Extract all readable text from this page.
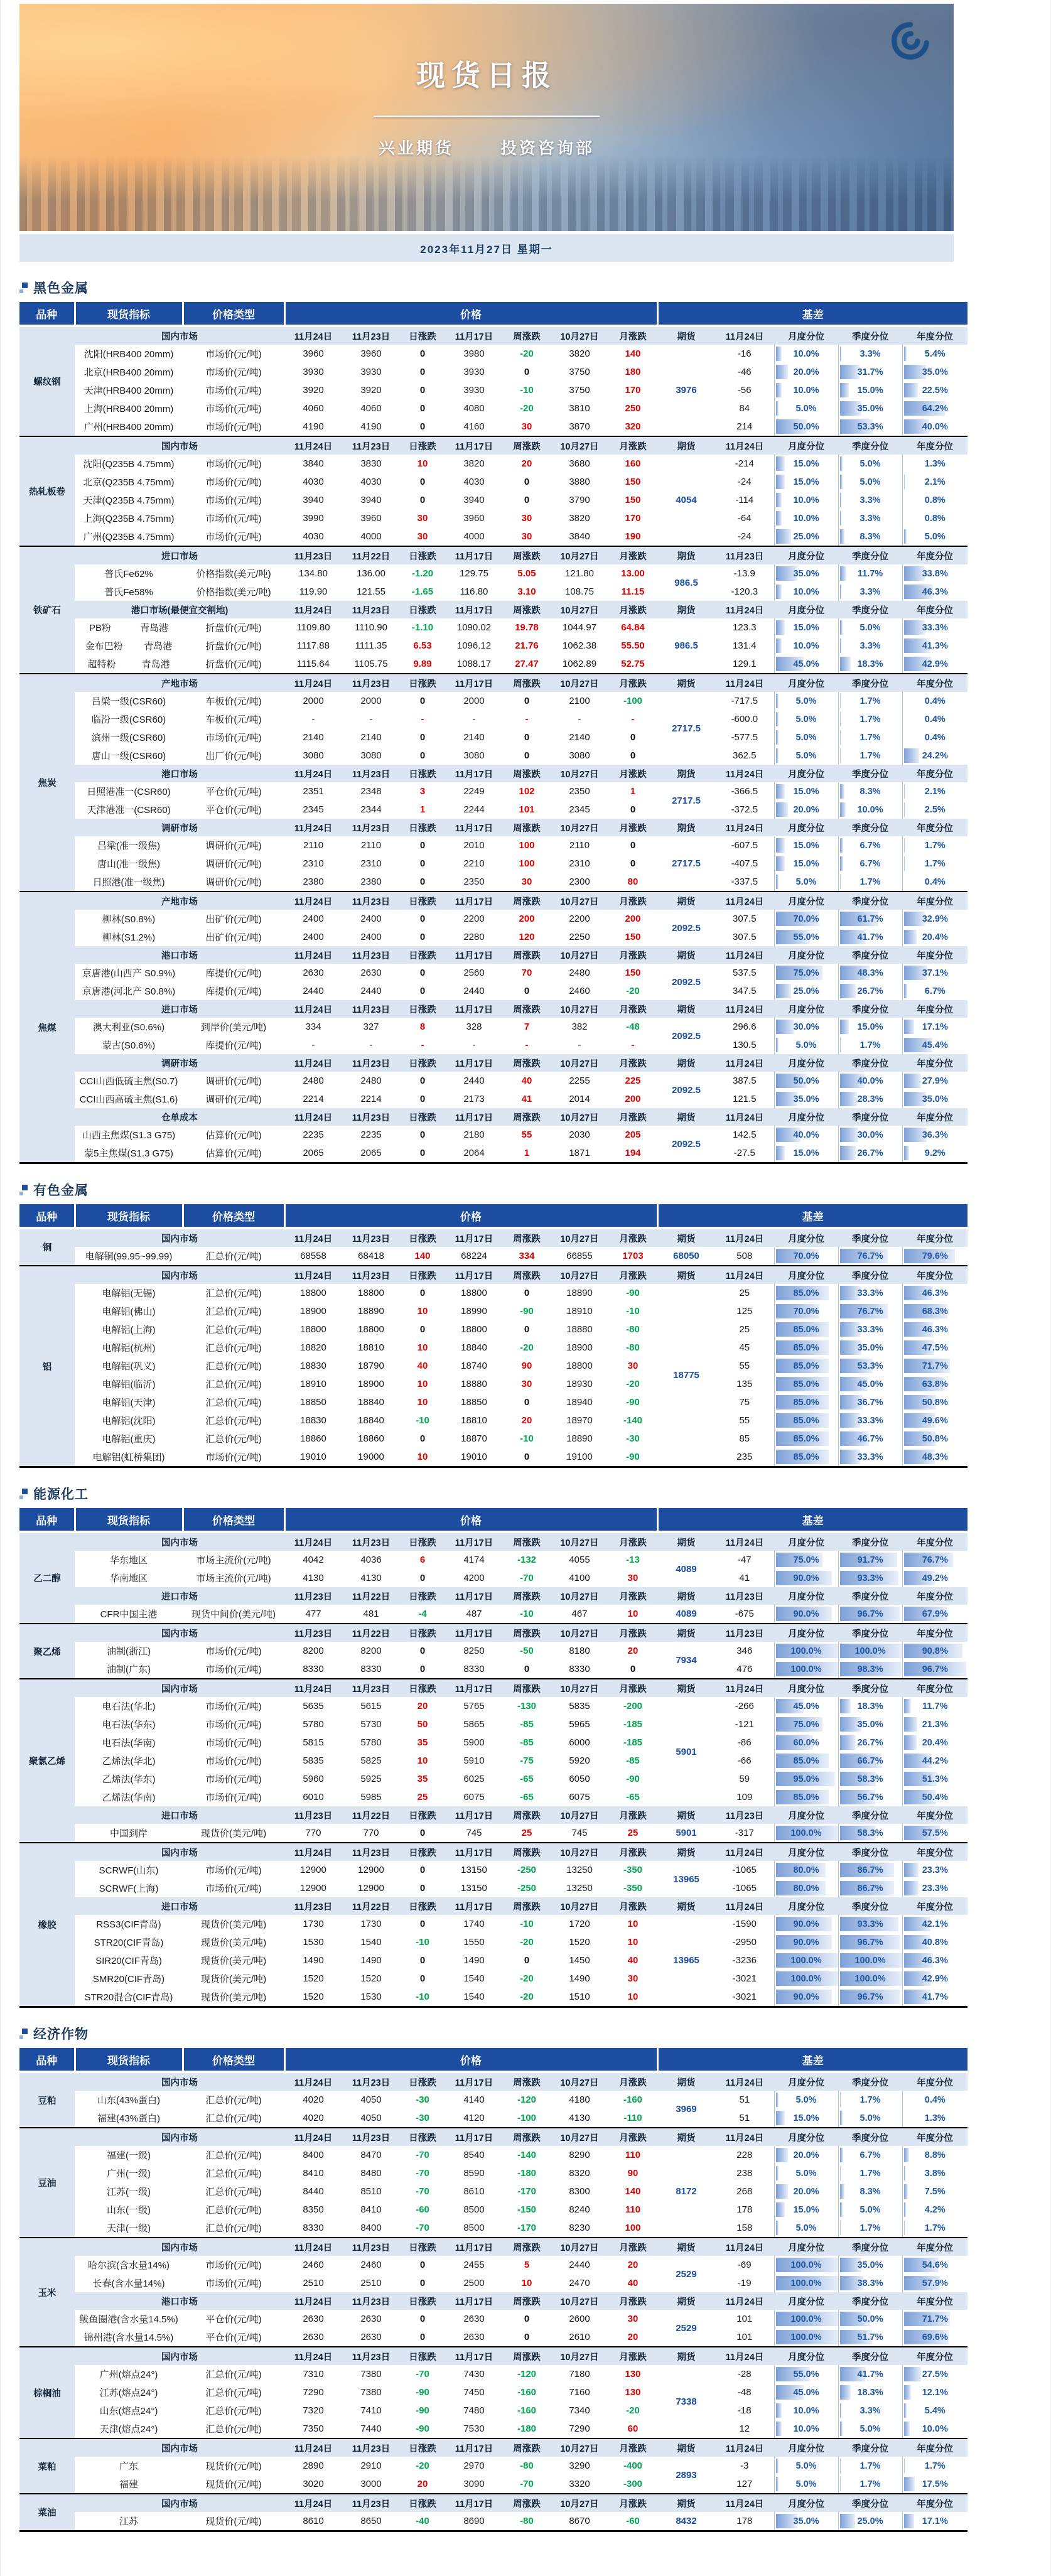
现货日报
兴业期货	投资咨询部
2023年11月27日 星期一
黑色金属
品种	现货指标	价格类型	价格							基差				
螺纹钢	国内市场		11月24日	11月23日	日涨跌	11月17日	周涨跌	10月27日	月涨跌	期货	11月24日	月度分位	季度分位	年度分位
	沈阳(HRB400 20mm)	市场价(元/吨)	3960	3960	0	3980	-20	3820	140	3976	-16	10.0%	3.3%	5.4%
	北京(HRB400 20mm)	市场价(元/吨)	3930	3930	0	3930	0	3750	180		-46	20.0%	31.7%	35.0%
	天津(HRB400 20mm)	市场价(元/吨)	3920	3920	0	3930	-10	3750	170		-56	10.0%	15.0%	22.5%
	上海(HRB400 20mm)	市场价(元/吨)	4060	4060	0	4080	-20	3810	250		84	5.0%	35.0%	64.2%
	广州(HRB400 20mm)	市场价(元/吨)	4190	4190	0	4160	30	3870	320		214	50.0%	53.3%	40.0%
热轧板卷	国内市场		11月24日	11月23日	日涨跌	11月17日	周涨跌	10月27日	月涨跌	期货	11月24日	月度分位	季度分位	年度分位
	沈阳(Q235B 4.75mm)	市场价(元/吨)	3840	3830	10	3820	20	3680	160	4054	-214	15.0%	5.0%	1.3%
	北京(Q235B 4.75mm)	市场价(元/吨)	4030	4030	0	4030	0	3880	150		-24	15.0%	5.0%	2.1%
	天津(Q235B 4.75mm)	市场价(元/吨)	3940	3940	0	3940	0	3790	150		-114	10.0%	3.3%	0.8%
	上海(Q235B 4.75mm)	市场价(元/吨)	3990	3960	30	3960	30	3820	170		-64	10.0%	3.3%	0.8%
	广州(Q235B 4.75mm)	市场价(元/吨)	4030	4000	30	4000	30	3840	190		-24	25.0%	8.3%	5.0%
铁矿石	进口市场		11月23日	11月22日	日涨跌	11月17日	周涨跌	10月27日	月涨跌	期货	11月23日	月度分位	季度分位	年度分位
	普氏Fe62%	价格指数(美元/吨)	134.80	136.00	-1.20	129.75	5.05	121.80	13.00	986.5	-13.9	35.0%	11.7%	33.8%
	普氏Fe58%	价格指数(美元/吨)	119.90	121.55	-1.65	116.80	3.10	108.75	11.15		-120.3	10.0%	3.3%	46.3%
	港口市场(最便宜交割地)		11月24日	11月23日	日涨跌	11月17日	周涨跌	10月27日	月涨跌	期货	11月24日	月度分位	季度分位	年度分位

	PB粉 青岛港	折盘价(元/吨)	1109.80	1110.90	-1.10	1090.02	19.78	1044.97	64.84	986.5	123.3	15.0%	5.0%	33.3%

	金布巴粉 青岛港	折盘价(元/吨)	1117.88	1111.35	6.53	1096.12	21.76	1062.38	55.50		131.4	10.0%	3.3%	41.3%

	超特粉 青岛港	折盘价(元/吨)	1115.64	1105.75	9.89	1088.17	27.47	1062.89	52.75		129.1	45.0%	18.3%	42.9%
焦炭	产地市场		11月24日	11月23日	日涨跌	11月17日	周涨跌	10月27日	月涨跌	期货	11月24日	月度分位	季度分位	年度分位
	吕梁一级(CSR60)	车板价(元/吨)	2000	2000	0	2000	0	2100	-100	2717.5	-717.5	5.0%	1.7%	0.4%
	临汾一级(CSR60)	车板价(元/吨)	-	-	-	-	-	-	-		-600.0	5.0%	1.7%	0.4%
	滨州一级(CSR60)	市场价(元/吨)	2140	2140	0	2140	0	2140	0		-577.5	5.0%	1.7%	0.4%
	唐山一级(CSR60)	出厂价(元/吨)	3080	3080	0	3080	0	3080	0		362.5	5.0%	1.7%	24.2%
	港口市场		11月24日	11月23日	日涨跌	11月17日	周涨跌	10月27日	月涨跌	期货	11月24日	月度分位	季度分位	年度分位
	日照港准一(CSR60)	平仓价(元/吨)	2351	2348	3	2249	102	2350	1	2717.5	-366.5	15.0%	8.3%	2.1%
	天津港准一(CSR60)	平仓价(元/吨)	2345	2344	1	2244	101	2345	0		-372.5	20.0%	10.0%	2.5%
	调研市场		11月24日	11月23日	日涨跌	11月17日	周涨跌	10月27日	月涨跌	期货	11月24日	月度分位	季度分位	年度分位
	吕梁(准一级焦)	调研价(元/吨)	2110	2110	0	2010	100	2110	0	2717.5	-607.5	15.0%	6.7%	1.7%
	唐山(准一级焦)	调研价(元/吨)	2310	2310	0	2210	100	2310	0		-407.5	15.0%	6.7%	1.7%
	日照港(准一级焦)	调研价(元/吨)	2380	2380	0	2350	30	2300	80		-337.5	5.0%	1.7%	0.4%
焦煤	产地市场		11月24日	11月23日	日涨跌	11月17日	周涨跌	10月27日	月涨跌	期货	11月24日	月度分位	季度分位	年度分位
	柳林(S0.8%)	出矿价(元/吨)	2400	2400	0	2200	200	2200	200	2092.5	307.5	70.0%	61.7%	32.9%
	柳林(S1.2%)	出矿价(元/吨)	2400	2400	0	2280	120	2250	150		307.5	55.0%	41.7%	20.4%
	港口市场		11月24日	11月23日	日涨跌	11月17日	周涨跌	10月27日	月涨跌	期货	11月24日	月度分位	季度分位	年度分位
	京唐港(山西产 S0.9%)	库提价(元/吨)	2630	2630	0	2560	70	2480	150	2092.5	537.5	75.0%	48.3%	37.1%
	京唐港(河北产 S0.8%)	库提价(元/吨)	2440	2440	0	2440	0	2460	-20		347.5	25.0%	26.7%	6.7%
	进口市场		11月24日	11月23日	日涨跌	11月17日	周涨跌	10月27日	月涨跌	期货	11月24日	月度分位	季度分位	年度分位
	澳大利亚(S0.6%)	到岸价(美元/吨)	334	327	8	328	7	382	-48	2092.5	296.6	30.0%	15.0%	17.1%
	蒙古(S0.6%)	库提价(元/吨)	-	-	-	-	-	-	-		130.5	5.0%	1.7%	45.4%
	调研市场		11月24日	11月23日	日涨跌	11月17日	周涨跌	10月27日	月涨跌	期货	11月24日	月度分位	季度分位	年度分位
	CCI山西低硫主焦(S0.7)	调研价(元/吨)	2480	2480	0	2440	40	2255	225	2092.5	387.5	50.0%	40.0%	27.9%
	CCI山西高硫主焦(S1.6)	调研价(元/吨)	2214	2214	0	2173	41	2014	200		121.5	35.0%	28.3%	35.0%
	仓单成本		11月24日	11月23日	日涨跌	11月17日	周涨跌	10月27日	月涨跌	期货	11月24日	月度分位	季度分位	年度分位
	山西主焦煤(S1.3 G75)	估算价(元/吨)	2235	2235	0	2180	55	2030	205	2092.5	142.5	40.0%	30.0%	36.3%
	蒙5主焦煤(S1.3 G75)	估算价(元/吨)	2065	2065	0	2064	1	1871	194		-27.5	15.0%	26.7%	9.2%
有色金属
品种	现货指标	价格类型	价格							基差				
铜	国内市场		11月24日	11月23日	日涨跌	11月17日	周涨跌	10月27日	月涨跌	期货	11月24日	月度分位	季度分位	年度分位
	电解铜(99.95~99.99)	汇总价(元/吨)	68558	68418	140	68224	334	66855	1703	68050	508	70.0%	76.7%	79.6%
铝	国内市场		11月24日	11月23日	日涨跌	11月17日	周涨跌	10月27日	月涨跌	期货	11月24日	月度分位	季度分位	年度分位
	电解铝(无锡)	汇总价(元/吨)	18800	18800	0	18800	0	18890	-90	18775	25	85.0%	33.3%	46.3%
	电解铝(佛山)	汇总价(元/吨)	18900	18890	10	18990	-90	18910	-10		125	70.0%	76.7%	68.3%
	电解铝(上海)	汇总价(元/吨)	18800	18800	0	18800	0	18880	-80		25	85.0%	33.3%	46.3%
	电解铝(杭州)	汇总价(元/吨)	18820	18810	10	18840	-20	18900	-80		45	85.0%	35.0%	47.5%
	电解铝(巩义)	汇总价(元/吨)	18830	18790	40	18740	90	18800	30		55	85.0%	53.3%	71.7%
	电解铝(临沂)	汇总价(元/吨)	18910	18900	10	18880	30	18930	-20		135	85.0%	45.0%	63.8%
	电解铝(天津)	汇总价(元/吨)	18850	18840	10	18850	0	18940	-90		75	85.0%	36.7%	50.8%
	电解铝(沈阳)	汇总价(元/吨)	18830	18840	-10	18810	20	18970	-140		55	85.0%	33.3%	49.6%
	电解铝(重庆)	汇总价(元/吨)	18860	18860	0	18870	-10	18890	-30		85	85.0%	46.7%	50.8%
	电解铝(虹桥集团)	市场价(元/吨)	19010	19000	10	19010	0	19100	-90		235	85.0%	33.3%	48.3%
能源化工
品种	现货指标	价格类型	价格							基差				
乙二醇	国内市场		11月24日	11月23日	日涨跌	11月17日	周涨跌	10月27日	月涨跌	期货	11月24日	月度分位	季度分位	年度分位
	华东地区	市场主流价(元/吨)	4042	4036	6	4174	-132	4055	-13	4089	-47	75.0%	91.7%	76.7%
	华南地区	市场主流价(元/吨)	4130	4130	0	4200	-70	4100	30		41	90.0%	93.3%	49.2%
	进口市场		11月23日	11月22日	日涨跌	11月17日	周涨跌	10月27日	月涨跌	期货	11月23日	月度分位	季度分位	年度分位
	CFR中国主港	现货中间价(美元/吨)	477	481	-4	487	-10	467	10	4089	-675	90.0%	96.7%	67.9%
聚乙烯	国内市场		11月23日	11月22日	日涨跌	11月17日	周涨跌	10月27日	月涨跌	期货	11月23日	月度分位	季度分位	年度分位
	油制(浙江)	市场价(元/吨)	8200	8200	0	8250	-50	8180	20	7934	346	100.0%	100.0%	90.8%
	油制(广东)	市场价(元/吨)	8330	8330	0	8330	0	8330	0		476	100.0%	98.3%	96.7%
聚氯乙烯	国内市场		11月24日	11月23日	日涨跌	11月17日	周涨跌	10月27日	月涨跌	期货	11月24日	月度分位	季度分位	年度分位
	电石法(华北)	市场价(元/吨)	5635	5615	20	5765	-130	5835	-200	5901	-266	45.0%	18.3%	11.7%
	电石法(华东)	市场价(元/吨)	5780	5730	50	5865	-85	5965	-185		-121	75.0%	35.0%	21.3%
	电石法(华南)	市场价(元/吨)	5815	5780	35	5900	-85	6000	-185		-86	60.0%	26.7%	20.4%
	乙烯法(华北)	市场价(元/吨)	5835	5825	10	5910	-75	5920	-85		-66	85.0%	66.7%	44.2%
	乙烯法(华东)	市场价(元/吨)	5960	5925	35	6025	-65	6050	-90		59	95.0%	58.3%	51.3%
	乙烯法(华南)	市场价(元/吨)	6010	5985	25	6075	-65	6075	-65		109	85.0%	56.7%	50.4%
	进口市场		11月23日	11月22日	日涨跌	11月17日	周涨跌	10月27日	月涨跌	期货	11月23日	月度分位	季度分位	年度分位
	中国到岸	现货价(美元/吨)	770	770	0	745	25	745	25	5901	-317	100.0%	58.3%	57.5%
橡胶	国内市场		11月24日	11月23日	日涨跌	11月17日	周涨跌	10月27日	月涨跌	期货	11月24日	月度分位	季度分位	年度分位
	SCRWF(山东)	市场价(元/吨)	12900	12900	0	13150	-250	13250	-350	13965	-1065	80.0%	86.7%	23.3%
	SCRWF(上海)	市场价(元/吨)	12900	12900	0	13150	-250	13250	-350		-1065	80.0%	86.7%	23.3%
	进口市场		11月23日	11月22日	日涨跌	11月17日	周涨跌	10月27日	月涨跌	期货	11月24日	月度分位	季度分位	年度分位
	RSS3(CIF青岛)	现货价(美元/吨)	1730	1730	0	1740	-10	1720	10	13965	-1590	90.0%	93.3%	42.1%
	STR20(CIF青岛)	现货价(美元/吨)	1530	1540	-10	1550	-20	1520	10		-2950	90.0%	96.7%	40.8%
	SIR20(CIF青岛)	现货价(美元/吨)	1490	1490	0	1490	0	1450	40		-3236	100.0%	100.0%	46.3%
	SMR20(CIF青岛)	现货价(美元/吨)	1520	1520	0	1540	-20	1490	30		-3021	100.0%	100.0%	42.9%
	STR20混合(CIF青岛)	现货价(美元/吨)	1520	1530	-10	1540	-20	1510	10		-3021	90.0%	96.7%	41.7%
经济作物
品种	现货指标	价格类型	价格							基差				
豆粕	国内市场		11月24日	11月23日	日涨跌	11月17日	周涨跌	10月27日	月涨跌	期货	11月24日	月度分位	季度分位	年度分位
	山东(43%蛋白)	汇总价(元/吨)	4020	4050	-30	4140	-120	4180	-160	3969	51	5.0%	1.7%	0.4%
	福建(43%蛋白)	汇总价(元/吨)	4020	4050	-30	4120	-100	4130	-110		51	15.0%	5.0%	1.3%
豆油	国内市场		11月24日	11月23日	日涨跌	11月17日	周涨跌	10月27日	月涨跌	期货	11月24日	月度分位	季度分位	年度分位
	福建(一级)	汇总价(元/吨)	8400	8470	-70	8540	-140	8290	110	8172	228	20.0%	6.7%	8.8%
	广州(一级)	汇总价(元/吨)	8410	8480	-70	8590	-180	8320	90		238	5.0%	1.7%	3.8%
	江苏(一级)	汇总价(元/吨)	8440	8510	-70	8610	-170	8300	140		268	20.0%	8.3%	7.5%
	山东(一级)	汇总价(元/吨)	8350	8410	-60	8500	-150	8240	110		178	15.0%	5.0%	4.2%
	天津(一级)	汇总价(元/吨)	8330	8400	-70	8500	-170	8230	100		158	5.0%	1.7%	1.7%
玉米	国内市场		11月24日	11月23日	日涨跌	11月17日	周涨跌	10月27日	月涨跌	期货	11月24日	月度分位	季度分位	年度分位
	哈尔滨(含水量14%)	市场价(元/吨)	2460	2460	0	2455	5	2440	20	2529	-69	100.0%	35.0%	54.6%
	长春(含水量14%)	市场价(元/吨)	2510	2510	0	2500	10	2470	40		-19	100.0%	38.3%	57.9%
	港口市场		11月24日	11月23日	日涨跌	11月17日	周涨跌	10月27日	月涨跌	期货	11月24日	月度分位	季度分位	年度分位
	鲅鱼圈港(含水量14.5%)	平仓价(元/吨)	2630	2630	0	2630	0	2600	30	2529	101	100.0%	50.0%	71.7%
	锦州港(含水量14.5%)	平仓价(元/吨)	2630	2630	0	2630	0	2610	20		101	100.0%	51.7%	69.6%
棕榈油	国内市场		11月24日	11月23日	日涨跌	11月17日	周涨跌	10月27日	月涨跌	期货	11月24日	月度分位	季度分位	年度分位
	广州(熔点24°)	汇总价(元/吨)	7310	7380	-70	7430	-120	7180	130	7338	-28	55.0%	41.7%	27.5%
	江苏(熔点24°)	汇总价(元/吨)	7290	7380	-90	7450	-160	7160	130		-48	45.0%	18.3%	12.1%
	山东(熔点24°)	汇总价(元/吨)	7320	7410	-90	7480	-160	7340	-20		-18	10.0%	3.3%	5.4%
	天津(熔点24°)	汇总价(元/吨)	7350	7440	-90	7530	-180	7290	60		12	10.0%	5.0%	10.0%
菜粕	国内市场		11月24日	11月23日	日涨跌	11月17日	周涨跌	10月27日	月涨跌	期货	11月24日	月度分位	季度分位	年度分位
	广东	现货价(元/吨)	2890	2910	-20	2970	-80	3290	-400	2893	-3	5.0%	1.7%	1.7%
	福建	现货价(元/吨)	3020	3000	20	3090	-70	3320	-300		127	5.0%	1.7%	17.5%
菜油	国内市场		11月24日	11月23日	日涨跌	11月17日	周涨跌	10月27日	月涨跌	期货	11月24日	月度分位	季度分位	年度分位
	江苏	现货价(元/吨)	8610	8650	-40	8690	-80	8670	-60	8432	178	35.0%	25.0%	17.1%
